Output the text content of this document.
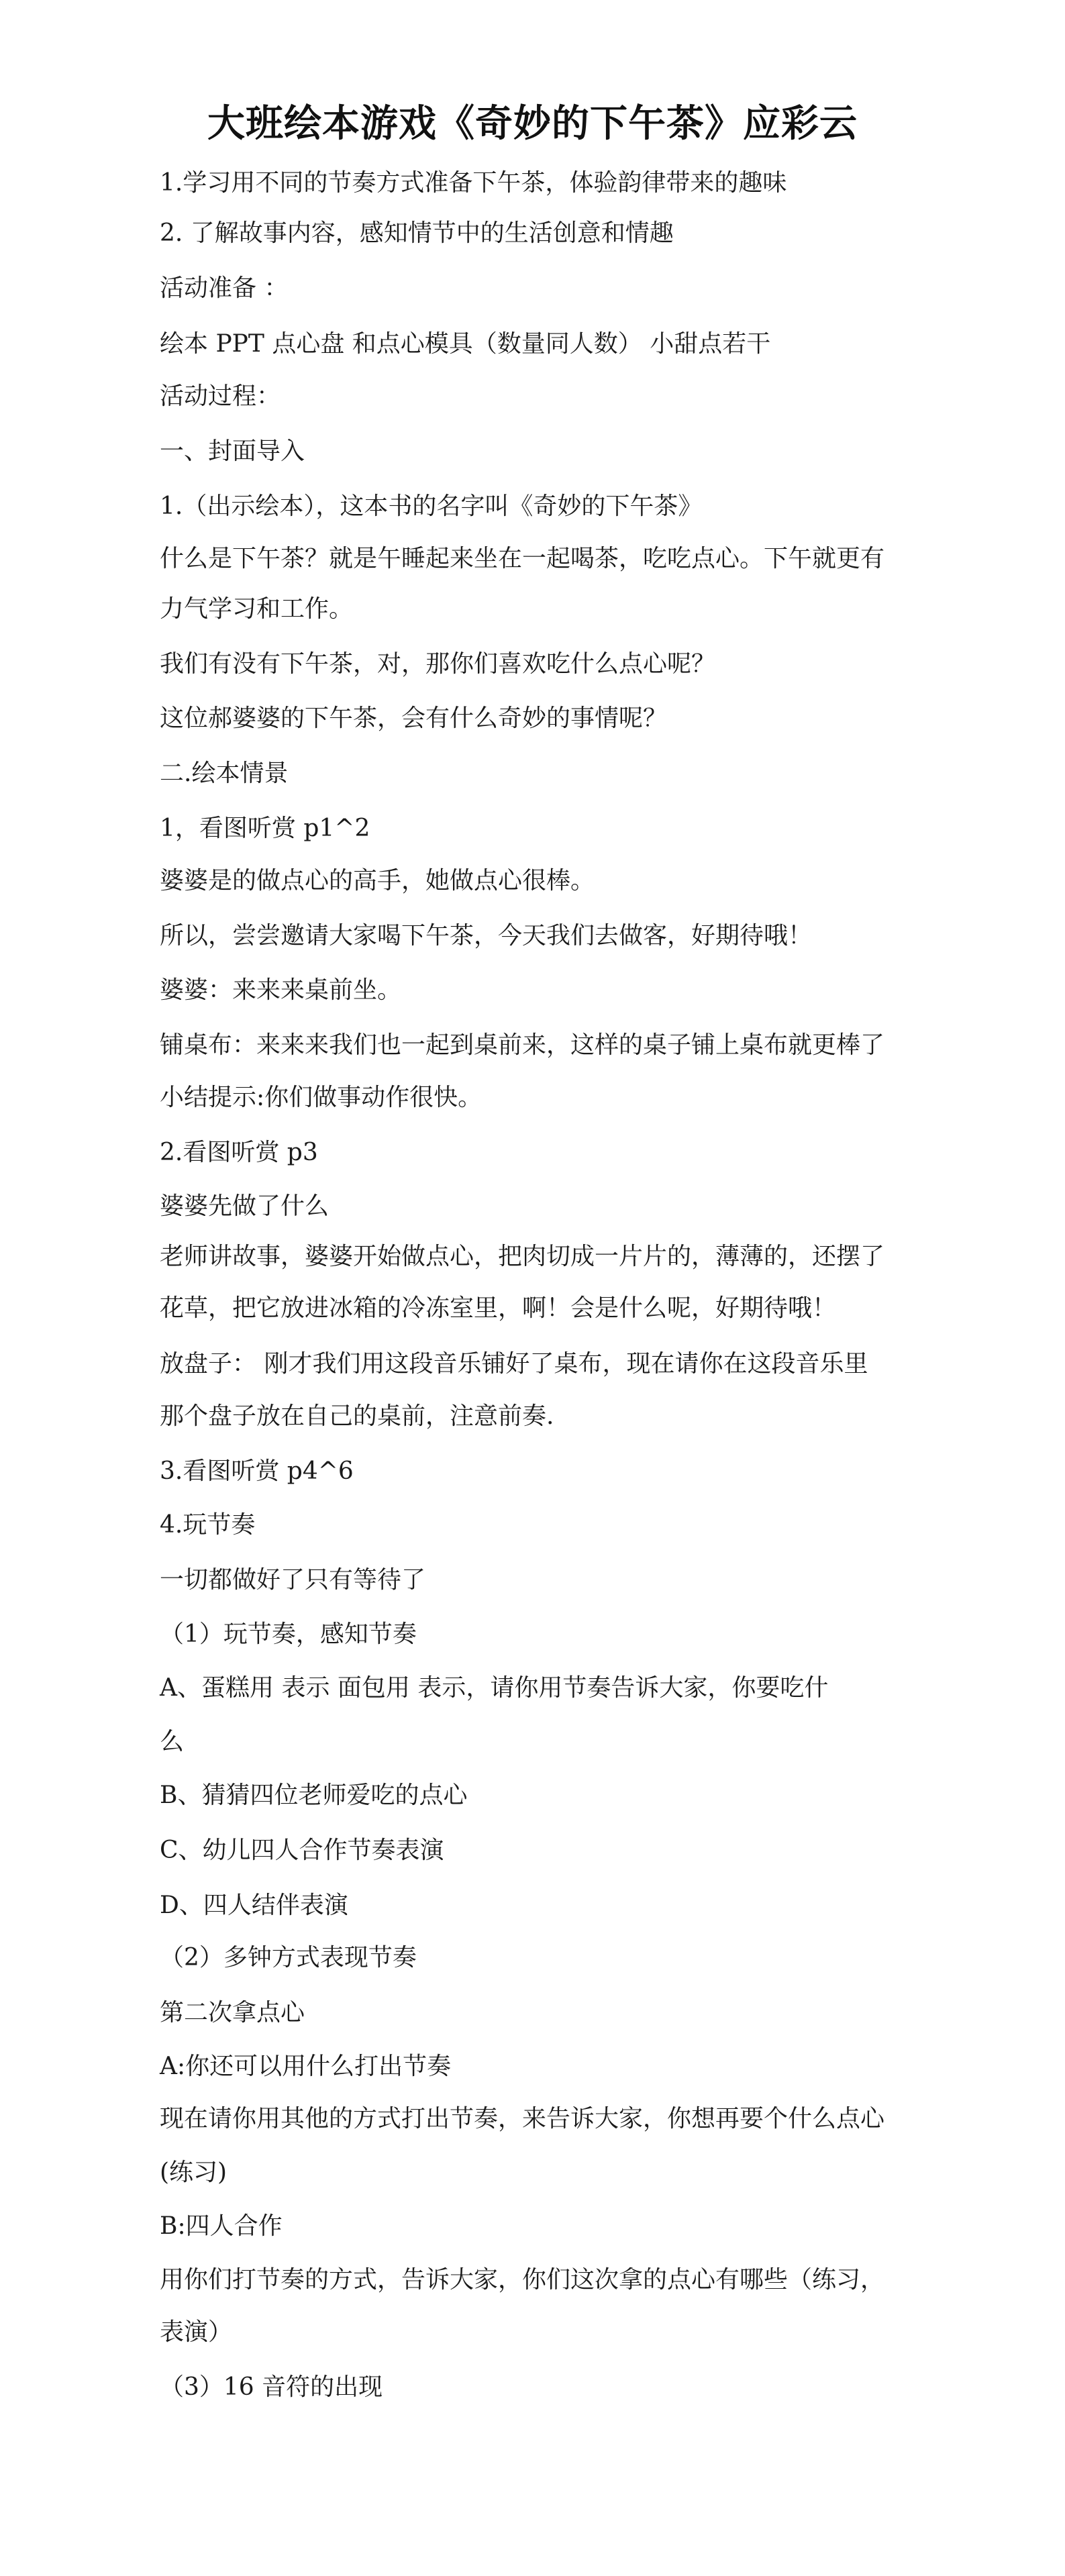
大班绘本游戏《奇妙的下午茶》应彩云
1.学习用不同的节奏方式准备下午茶，体验韵律带来的趣味
2. 了解故事内容，感知情节中的生活创意和情趣
活动准备 ：
绘本 PPT 点心盘 和点心模具（数量同人数） 小甜点若干
活动过程：
一、封面导入
1.（出示绘本），这本书的名字叫《奇妙的下午茶》
什么是下午茶？就是午睡起来坐在一起喝茶，吃吃点心。下午就更有
力气学习和工作。
我们有没有下午茶，对，那你们喜欢吃什么点心呢？
这位郝婆婆的下午茶，会有什么奇妙的事情呢？
二.绘本情景
1，看图听赏 p1^2
婆婆是的做点心的高手，她做点心很棒。
所以，尝尝邀请大家喝下午茶，今天我们去做客，好期待哦！
婆婆：来来来桌前坐。
铺桌布：来来来我们也一起到桌前来，这样的桌子铺上桌布就更棒了
小结提示:你们做事动作很快。
2.看图听赏 p3
婆婆先做了什么
老师讲故事，婆婆开始做点心，把肉切成一片片的，薄薄的，还摆了
花草，把它放进冰箱的冷冻室里，啊！会是什么呢，好期待哦！
放盘子： 刚才我们用这段音乐铺好了桌布，现在请你在这段音乐里
那个盘子放在自己的桌前，注意前奏.
3.看图听赏 p4^6
4.玩节奏
一切都做好了只有等待了
（1）玩节奏，感知节奏
A、蛋糕用 表示 面包用 表示，请你用节奏告诉大家，你要吃什
么
B、猜猜四位老师爱吃的点心
C、幼儿四人合作节奏表演
D、四人结伴表演
（2）多钟方式表现节奏
第二次拿点心
A:你还可以用什么打出节奏
现在请你用其他的方式打出节奏，来告诉大家，你想再要个什么点心
(练习)
B:四人合作
用你们打节奏的方式，告诉大家，你们这次拿的点心有哪些（练习，
表演）
（3）16 音符的出现
